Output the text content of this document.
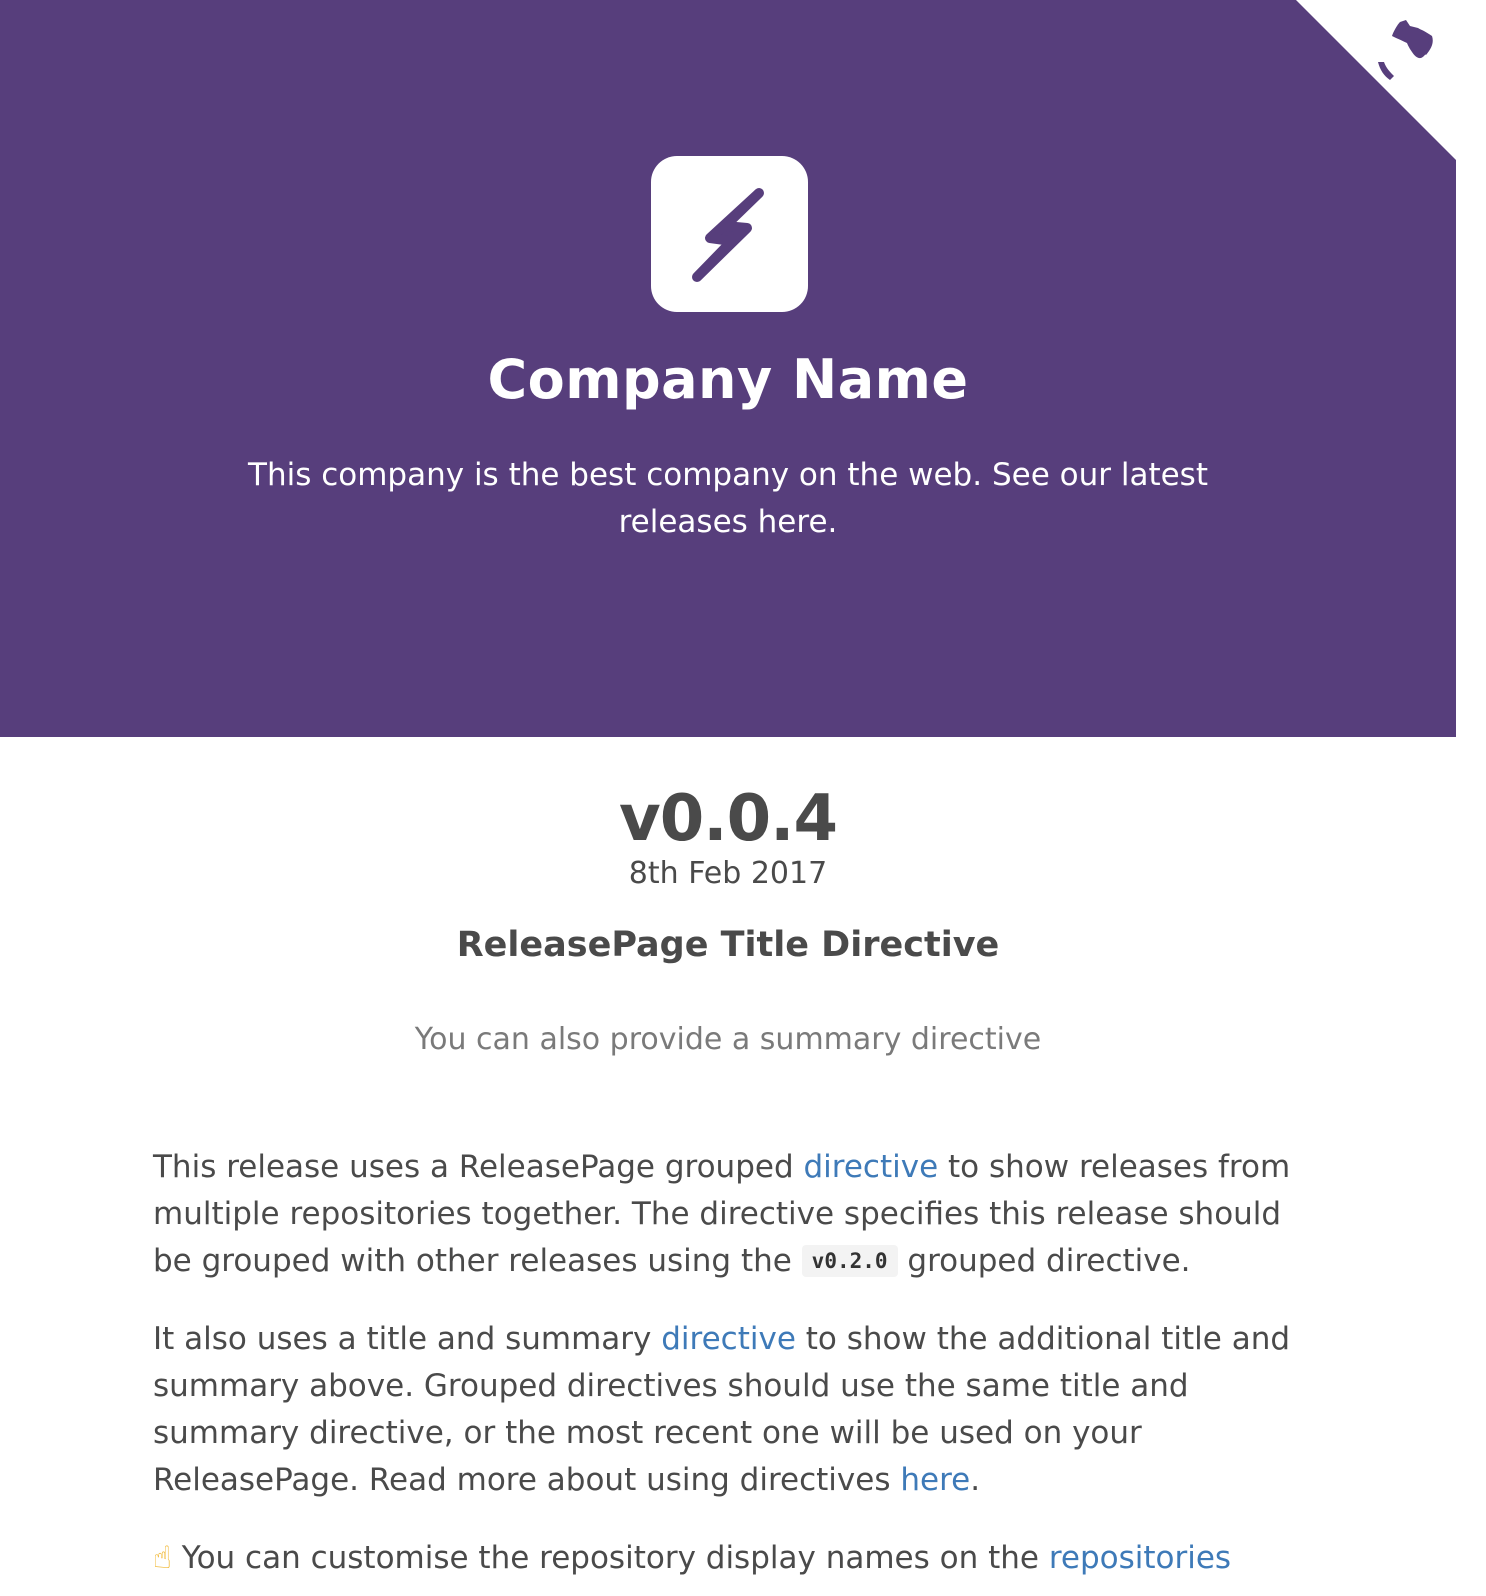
Company Name

This company is the best company on the web. See our latest releases here.

v0.0.4
8th Feb 2017
ReleasePage Title Directive
You can also provide a summary directive

This release uses a ReleasePage grouped directive to show releases from multiple repositories together. The directive specifies this release should be grouped with other releases using the v0.2.0 grouped directive.

It also uses a title and summary directive to show the additional title and summary above. Grouped directives should use the same title and summary directive, or the most recent one will be used on your ReleasePage. Read more about using directives here.

☝ You can customise the repository display names on the repositories
